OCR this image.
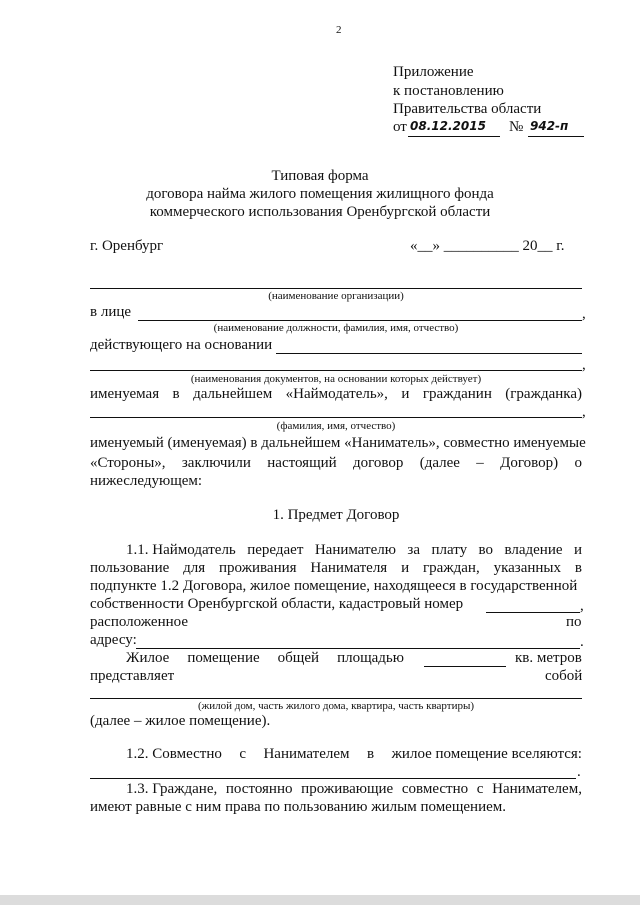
2
Приложение
к постановлению
Правительства области
от 08.12.2015 № 942-п
Типовая форма
договора найма жилого помещения жилищного фонда
коммерческого использования Оренбургской области
г. Оренбург	«__» __________ 20__ г.
(наименование организации)
в лице	,
(наименование должности, фамилия, имя, отчество)
действующего на основании
,
(наименования документов, на основании которых действует)
именуемая в дальнейшем «Наймодатель», и гражданин (гражданка)
,
(фамилия, имя, отчество)
именуемый (именуемая) в дальнейшем «Наниматель», совместно именуемые
«Стороны», заключили настоящий договор (далее – Договор) о
нижеследующем:
1. Предмет Договор
1.1. Наймодатель передает Нанимателю за плату во владение и
пользование для проживания Нанимателя и граждан, указанных в
подпункте 1.2 Договора, жилое помещение, находящееся в государственной
собственности Оренбургской области, кадастровый номер	,
расположенное	по
адресу:	.
Жилое помещение общей площадью	кв. метров
представляет	собой
(жилой дом, часть жилого дома, квартира, часть квартиры)
(далее – жилое помещение).
1.2. Совместно с Нанимателем в жилое помещение вселяются:
.
1.3. Граждане, постоянно проживающие совместно с Нанимателем,
имеют равные с ним права по пользованию жилым помещением.
